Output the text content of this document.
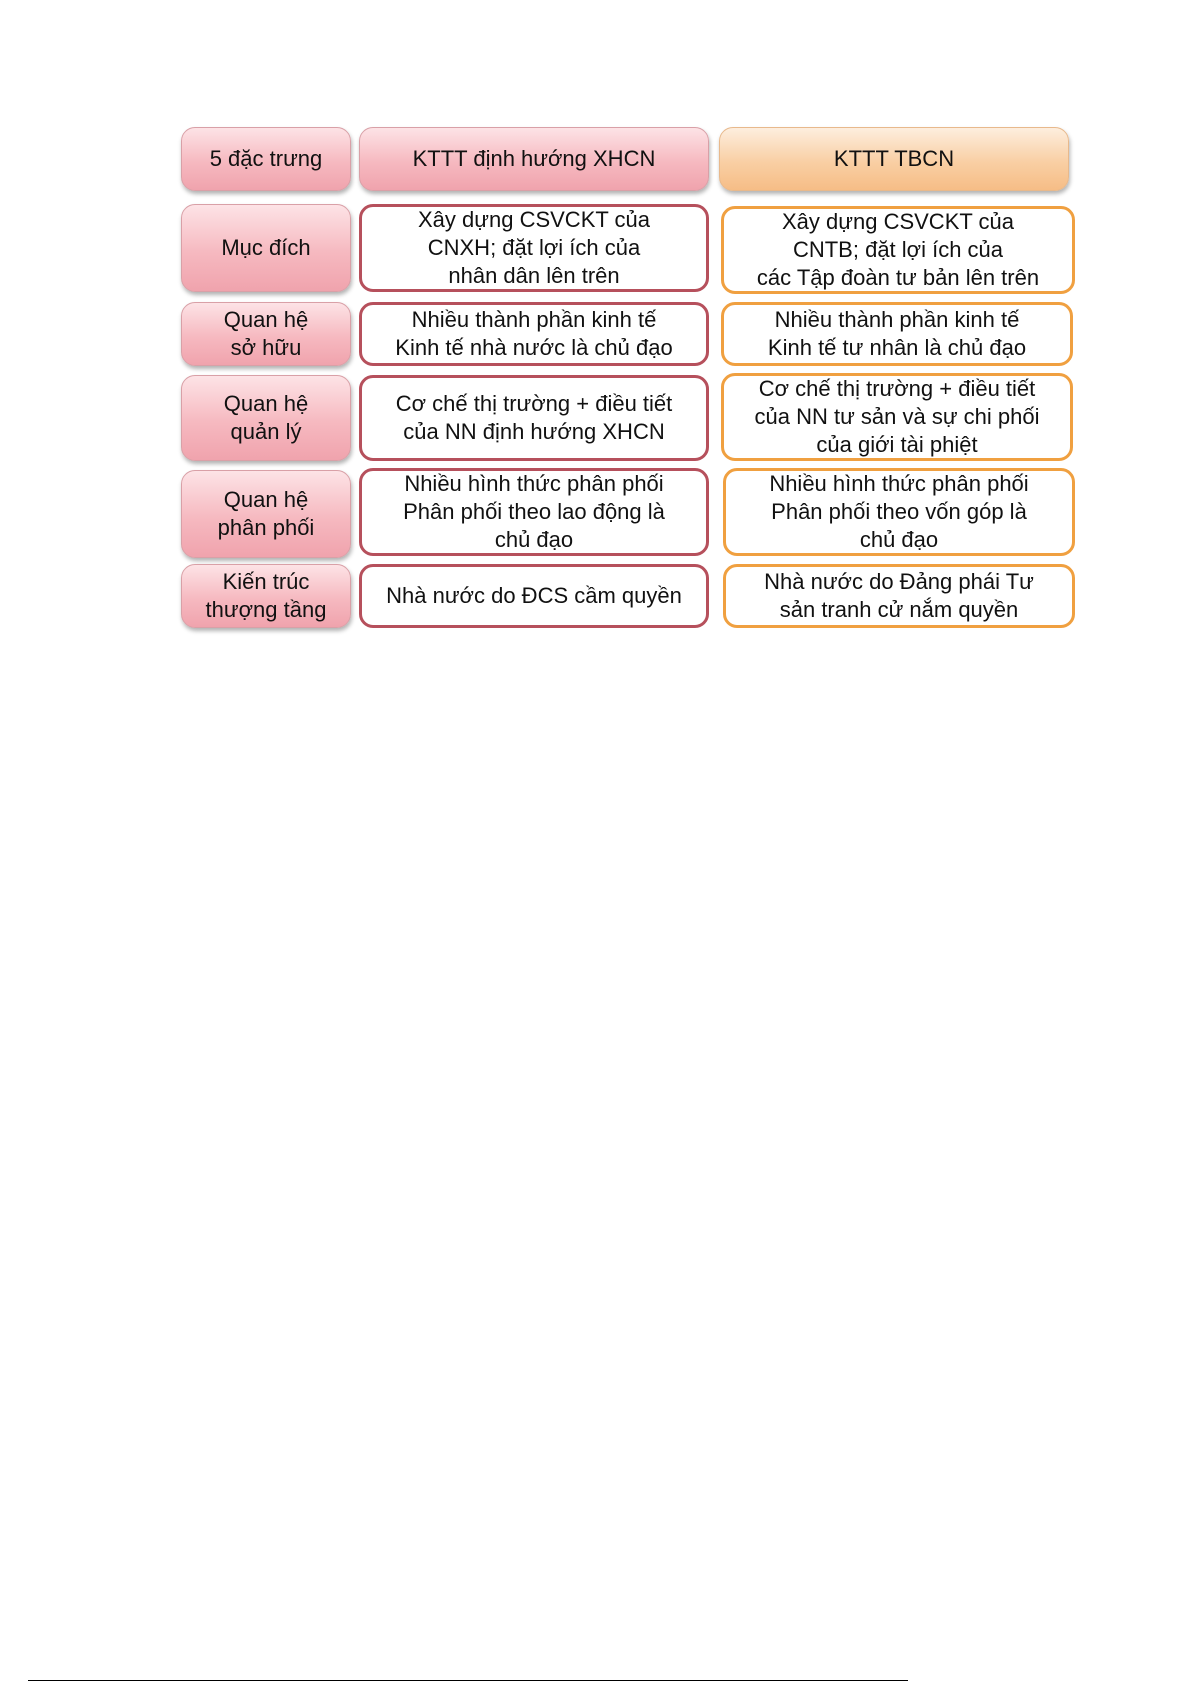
5 đặc trưng	KTTT định hướng XHCN	KTTT TBCN
Mục đích
Xây dựng CSVCKT của
CNXH; đặt lợi ích của
nhân dân lên trên
Xây dựng CSVCKT của
CNTB; đặt lợi ích của
các Tập đoàn tư bản lên trên
Quan hệ
sở hữu
Nhiều thành phần kinh tế
Kinh tế nhà nước là chủ đạo
Nhiều thành phần kinh tế
Kinh tế tư nhân là chủ đạo
Quan hệ
quản lý
Cơ chế thị trường + điều tiết
của NN định hướng XHCN
Cơ chế thị trường + điều tiết
của NN tư sản và sự chi phối
của giới tài phiệt
Quan hệ
phân phối
Nhiều hình thức phân phối
Phân phối theo lao động là
chủ đạo
Nhiều hình thức phân phối
Phân phối theo vốn góp là
chủ đạo
Kiến trúc
thượng tầng
Nhà nước do ĐCS cầm quyền
Nhà nước do Đảng phái Tư
sản tranh cử nắm quyền
